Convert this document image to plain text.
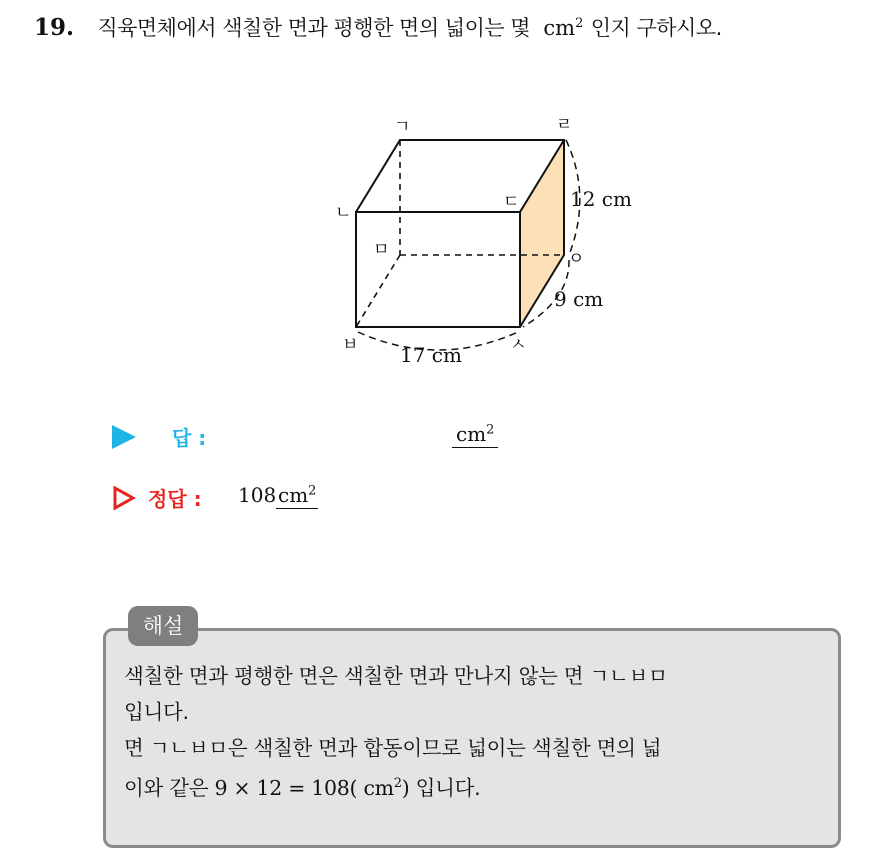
19. 직육면체에서 색칠한 면과 평행한 면의 넓이는 몇 $cm^2$ 인지 구하시오.
ㄱ	ㄹ
ㄴ
ㄷ
ㅁ	ㅇ
ㅂ	ㅅ
12 cm
9 cm
17 cm
답 :	$cm^2$
정답 : 108 $cm^2$
해설
색칠한 면과 평행한 면은 색칠한 면과 만나지 않는 면 ㄱㄴㅂㅁ
입니다.
면 ㄱㄴㅂㅁ은 색칠한 면과 합동이므로 넓이는 색칠한 면의 넓
이와 같은 9 × 12 = 108( $cm^2$) 입니다.
